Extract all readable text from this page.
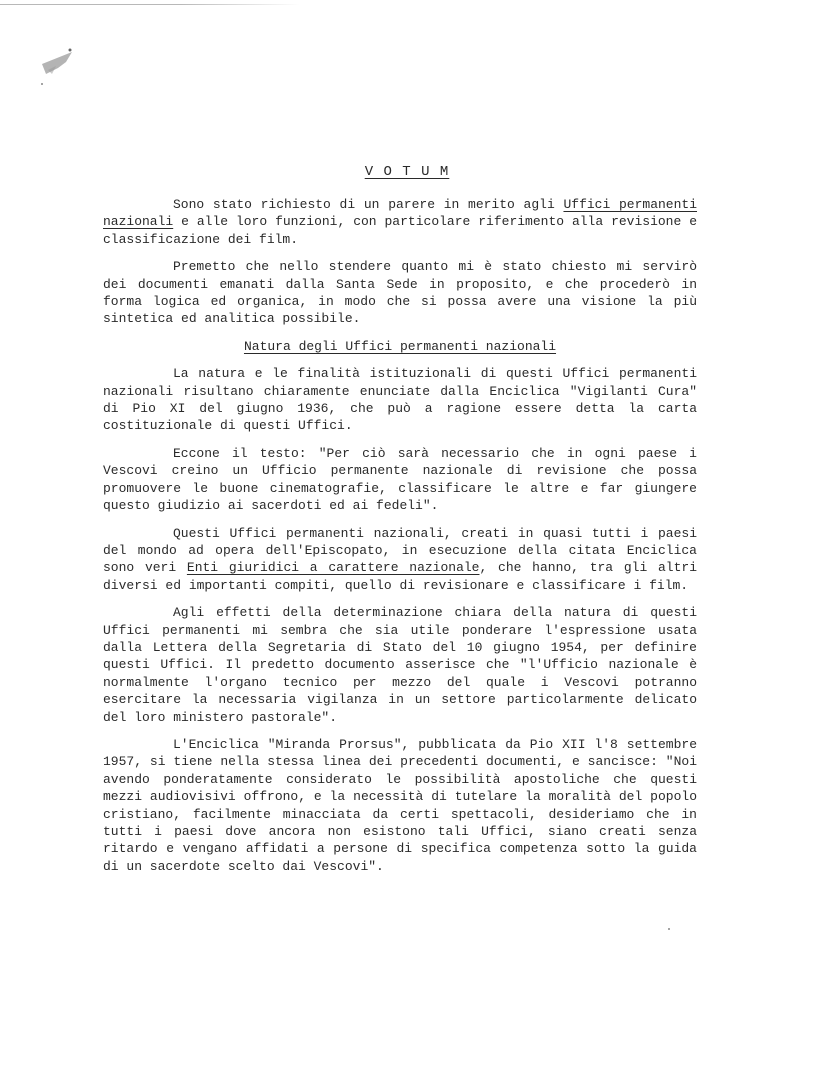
V O T U M

Sono stato richiesto di un parere in merito agli Uffici permanenti nazionali e alle loro funzioni, con particolare riferimento alla revisione e classificazione dei film.

Premetto che nello stendere quanto mi è stato chiesto mi servirò dei documenti emanati dalla Santa Sede in proposito, e che procederò in forma logica ed organica, in modo che si possa avere una visione la più sintetica ed analitica possibile.

Natura degli Uffici permanenti nazionali

La natura e le finalità istituzionali di questi Uffici permanenti nazionali risultano chiaramente enunciate dalla Enciclica "Vigilanti Cura" di Pio XI del giugno 1936, che può a ragione essere detta la carta costituzionale di questi Uffici.

Eccone il testo: "Per ciò sarà necessario che in ogni paese i Vescovi creino un Ufficio permanente nazionale di revisione che possa promuovere le buone cinematografie, classificare le altre e far giungere questo giudizio ai sacerdoti ed ai fedeli".

Questi Uffici permanenti nazionali, creati in quasi tutti i paesi del mondo ad opera dell'Episcopato, in esecuzione della citata Enciclica sono veri Enti giuridici a carattere nazionale, che hanno, tra gli altri diversi ed importanti compiti, quello di revisionare e classificare i film.

Agli effetti della determinazione chiara della natura di questi Uffici permanenti mi sembra che sia utile ponderare l'espressione usata dalla Lettera della Segretaria di Stato del 10 giugno 1954, per definire questi Uffici. Il predetto documento asserisce che "l'Ufficio nazionale è normalmente l'organo tecnico per mezzo del quale i Vescovi potranno esercitare la necessaria vigilanza in un settore particolarmente delicato del loro ministero pastorale".

L'Enciclica "Miranda Prorsus", pubblicata da Pio XII l'8 settembre 1957, si tiene nella stessa linea dei precedenti documenti, e sancisce: "Noi avendo ponderatamente considerato le possibilità apostoliche che questi mezzi audiovisivi offrono, e la necessità di tutelare la moralità del popolo cristiano, facilmente minacciata da certi spettacoli, desideriamo che in tutti i paesi dove ancora non esistono tali Uffici, siano creati senza ritardo e vengano affidati a persone di specifica competenza sotto la guida di un sacerdote scelto dai Vescovi".
